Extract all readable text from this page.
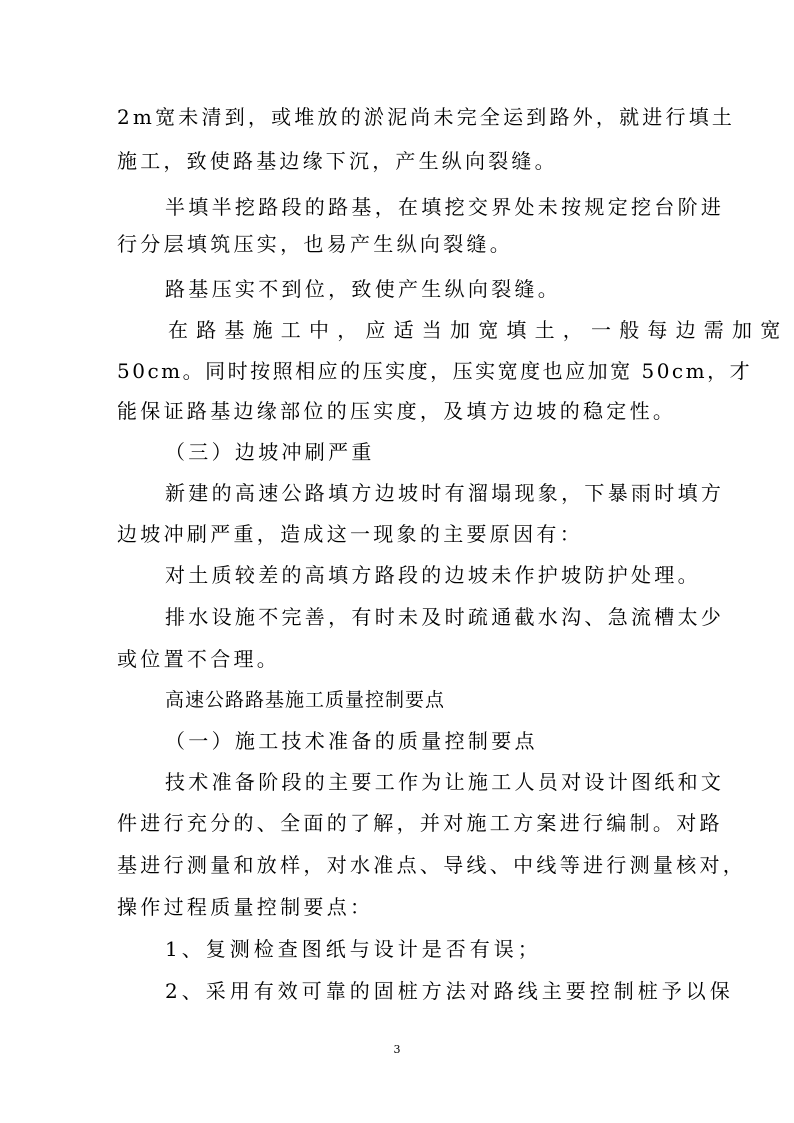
2m宽未清到，或堆放的淤泥尚未完全运到路外，就进行填土
施工，致使路基边缘下沉，产生纵向裂缝。
半填半挖路段的路基，在填挖交界处未按规定挖台阶进
行分层填筑压实，也易产生纵向裂缝。
路基压实不到位，致使产生纵向裂缝。
在路基施工中，应适当加宽填土，一般每边需加宽
50cm。同时按照相应的压实度，压实宽度也应加宽 50cm，才
能保证路基边缘部位的压实度，及填方边坡的稳定性。
（三）边坡冲刷严重
新建的高速公路填方边坡时有溜塌现象，下暴雨时填方
边坡冲刷严重，造成这一现象的主要原因有：
对土质较差的高填方路段的边坡未作护坡防护处理。
排水设施不完善，有时未及时疏通截水沟、急流槽太少
或位置不合理。
高速公路路基施工质量控制要点
（一）施工技术准备的质量控制要点
技术准备阶段的主要工作为让施工人员对设计图纸和文
件进行充分的、全面的了解，并对施工方案进行编制。对路
基进行测量和放样，对水准点、导线、中线等进行测量核对，
操作过程质量控制要点：
1、复测检查图纸与设计是否有误；
2、采用有效可靠的固桩方法对路线主要控制桩予以保
3
